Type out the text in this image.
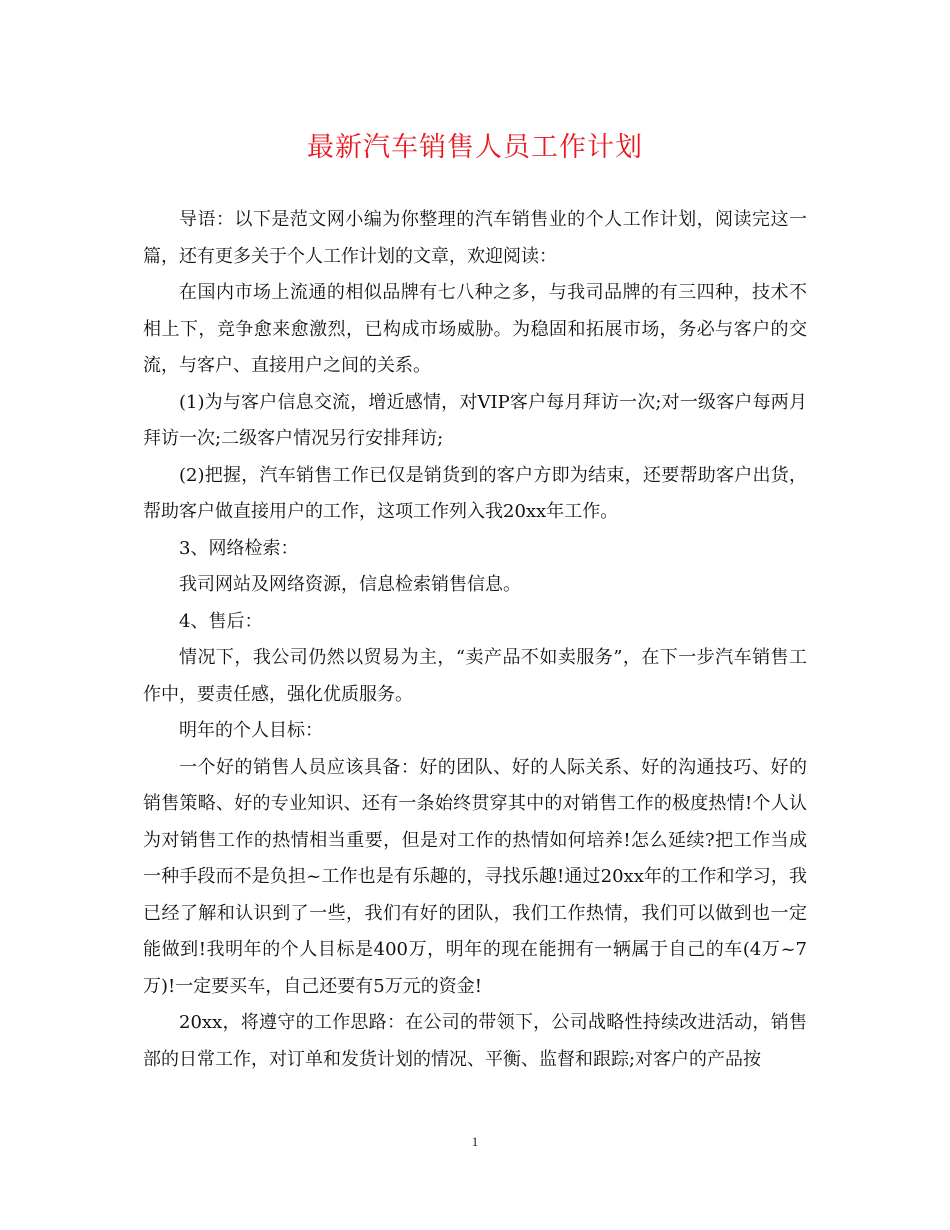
最新汽车销售人员工作计划

导语：以下是范文网小编为你整理的汽车销售业的个人工作计划，阅读完这一篇，还有更多关于个人工作计划的文章，欢迎阅读：

在国内市场上流通的相似品牌有七八种之多，与我司品牌的有三四种，技术不相上下，竞争愈来愈激烈，已构成市场威胁。为稳固和拓展市场，务必与客户的交流，与客户、直接用户之间的关系。

(1)为与客户信息交流，增近感情，对VIP客户每月拜访一次;对一级客户每两月拜访一次;二级客户情况另行安排拜访;

(2)把握，汽车销售工作已仅是销货到的客户方即为结束，还要帮助客户出货，帮助客户做直接用户的工作，这项工作列入我20xx年工作。

3、网络检索：

我司网站及网络资源，信息检索销售信息。

4、售后：

情况下，我公司仍然以贸易为主，“卖产品不如卖服务”，在下一步汽车销售工作中，要责任感，强化优质服务。

明年的个人目标：

一个好的销售人员应该具备：好的团队、好的人际关系、好的沟通技巧、好的销售策略、好的专业知识、还有一条始终贯穿其中的对销售工作的极度热情!个人认为对销售工作的热情相当重要，但是对工作的热情如何培养!怎么延续?把工作当成一种手段而不是负担~工作也是有乐趣的，寻找乐趣!通过20xx年的工作和学习，我已经了解和认识到了一些，我们有好的团队，我们工作热情，我们可以做到也一定能做到!我明年的个人目标是400万，明年的现在能拥有一辆属于自己的车(4万~7万)!一定要买车，自己还要有5万元的资金!

20xx，将遵守的工作思路：在公司的带领下，公司战略性持续改进活动，销售部的日常工作，对订单和发货计划的情况、平衡、监督和跟踪;对客户的产品按

1
